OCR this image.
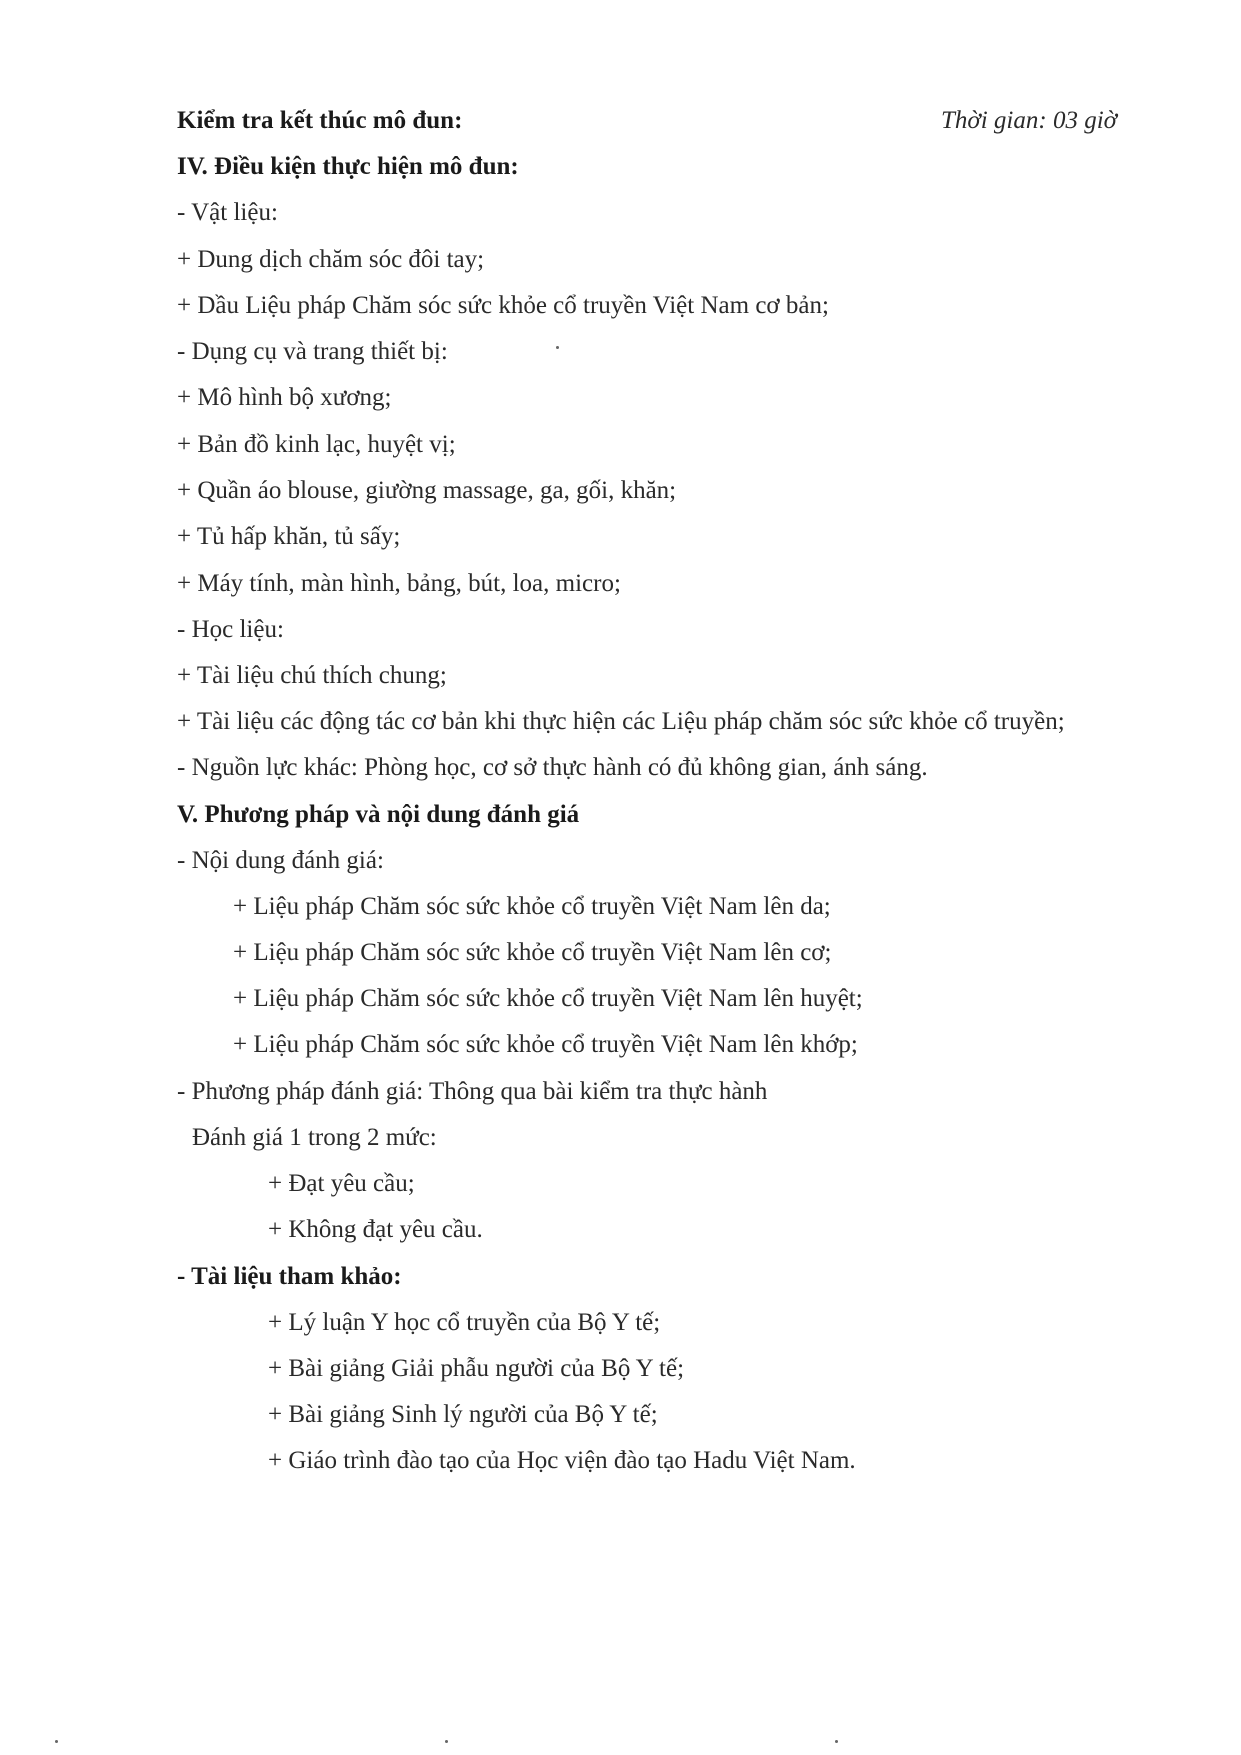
Kiểm tra kết thúc mô đun:	Thời gian: 03 giờ
IV. Điều kiện thực hiện mô đun:
- Vật liệu:
+ Dung dịch chăm sóc đôi tay;
+ Dầu Liệu pháp Chăm sóc sức khỏe cổ truyền Việt Nam cơ bản;
- Dụng cụ và trang thiết bị:
+ Mô hình bộ xương;
+ Bản đồ kinh lạc, huyệt vị;
+ Quần áo blouse, giường massage, ga, gối, khăn;
+ Tủ hấp khăn, tủ sấy;
+ Máy tính, màn hình, bảng, bút, loa, micro;
- Học liệu:
+ Tài liệu chú thích chung;
+ Tài liệu các động tác cơ bản khi thực hiện các Liệu pháp chăm sóc sức khỏe cổ truyền;
- Nguồn lực khác: Phòng học, cơ sở thực hành có đủ không gian, ánh sáng.
V. Phương pháp và nội dung đánh giá
- Nội dung đánh giá:
+ Liệu pháp Chăm sóc sức khỏe cổ truyền Việt Nam lên da;
+ Liệu pháp Chăm sóc sức khỏe cổ truyền Việt Nam lên cơ;
+ Liệu pháp Chăm sóc sức khỏe cổ truyền Việt Nam lên huyệt;
+ Liệu pháp Chăm sóc sức khỏe cổ truyền Việt Nam lên khớp;
- Phương pháp đánh giá: Thông qua bài kiểm tra thực hành
Đánh giá 1 trong 2 mức:
+ Đạt yêu cầu;
+ Không đạt yêu cầu.
- Tài liệu tham khảo:
+ Lý luận Y học cổ truyền của Bộ Y tế;
+ Bài giảng Giải phẫu người của Bộ Y tế;
+ Bài giảng Sinh lý người của Bộ Y tế;
+ Giáo trình đào tạo của Học viện đào tạo Hadu Việt Nam.
